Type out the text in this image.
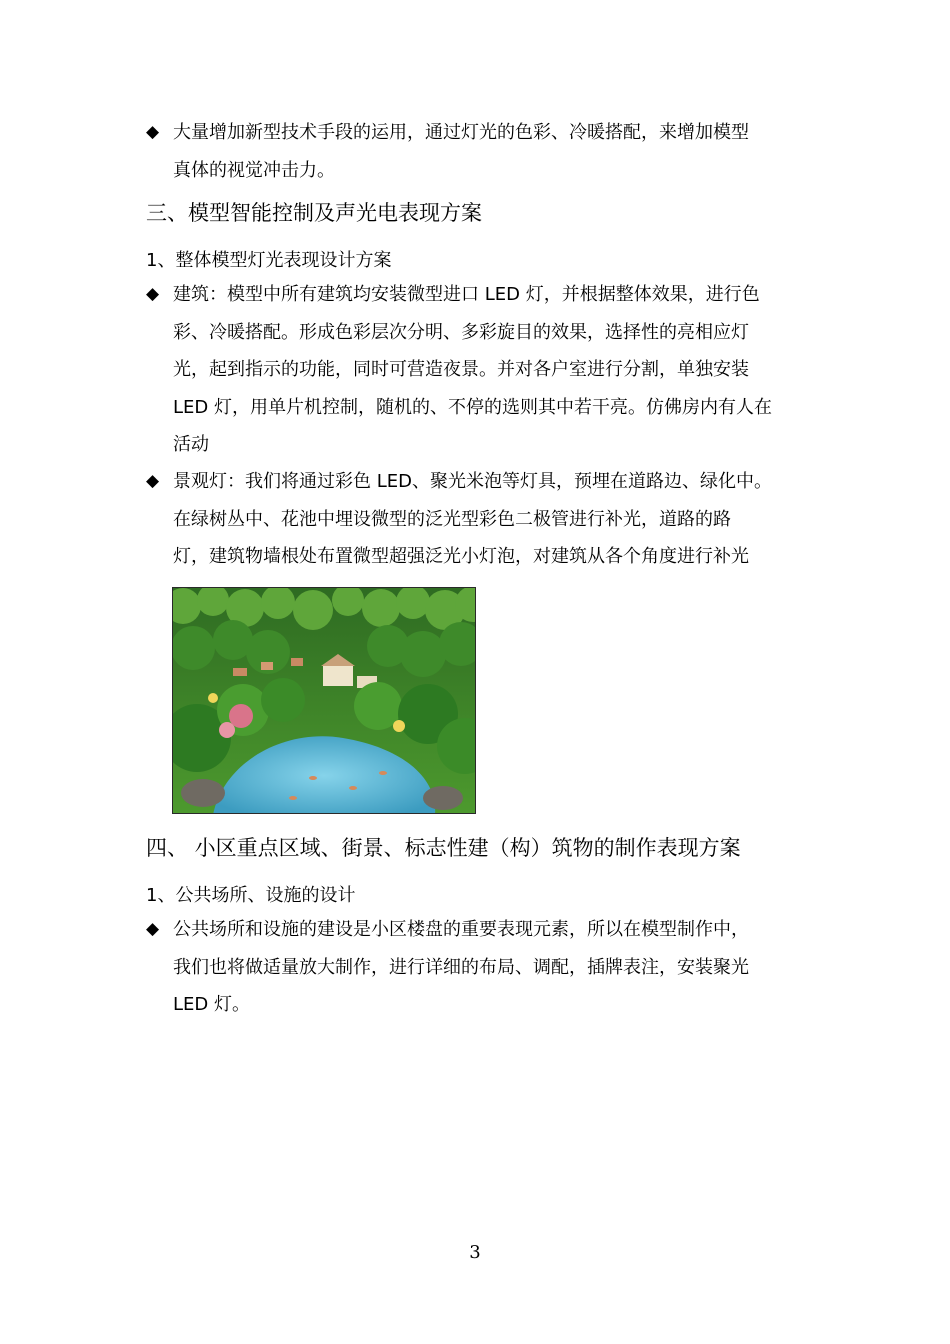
◆ 大量增加新型技术手段的运用，通过灯光的色彩、冷暖搭配，来增加模型
真体的视觉冲击力。
三、模型智能控制及声光电表现方案
1、整体模型灯光表现设计方案
◆ 建筑：模型中所有建筑均安装微型进口 LED 灯，并根据整体效果，进行色
彩、冷暖搭配。形成色彩层次分明、多彩旋目的效果，选择性的亮相应灯
光，起到指示的功能，同时可营造夜景。并对各户室进行分割，单独安装
LED 灯，用单片机控制，随机的、不停的选则其中若干亮。仿佛房内有人在
活动
◆ 景观灯：我们将通过彩色 LED、聚光米泡等灯具，预埋在道路边、绿化中。
在绿树丛中、花池中埋设微型的泛光型彩色二极管进行补光，道路的路
灯，建筑物墙根处布置微型超强泛光小灯泡，对建筑从各个角度进行补光
四、 小区重点区域、街景、标志性建（构）筑物的制作表现方案
1、公共场所、设施的设计
◆ 公共场所和设施的建设是小区楼盘的重要表现元素，所以在模型制作中，
我们也将做适量放大制作，进行详细的布局、调配，插牌表注，安装聚光
LED 灯。
3
